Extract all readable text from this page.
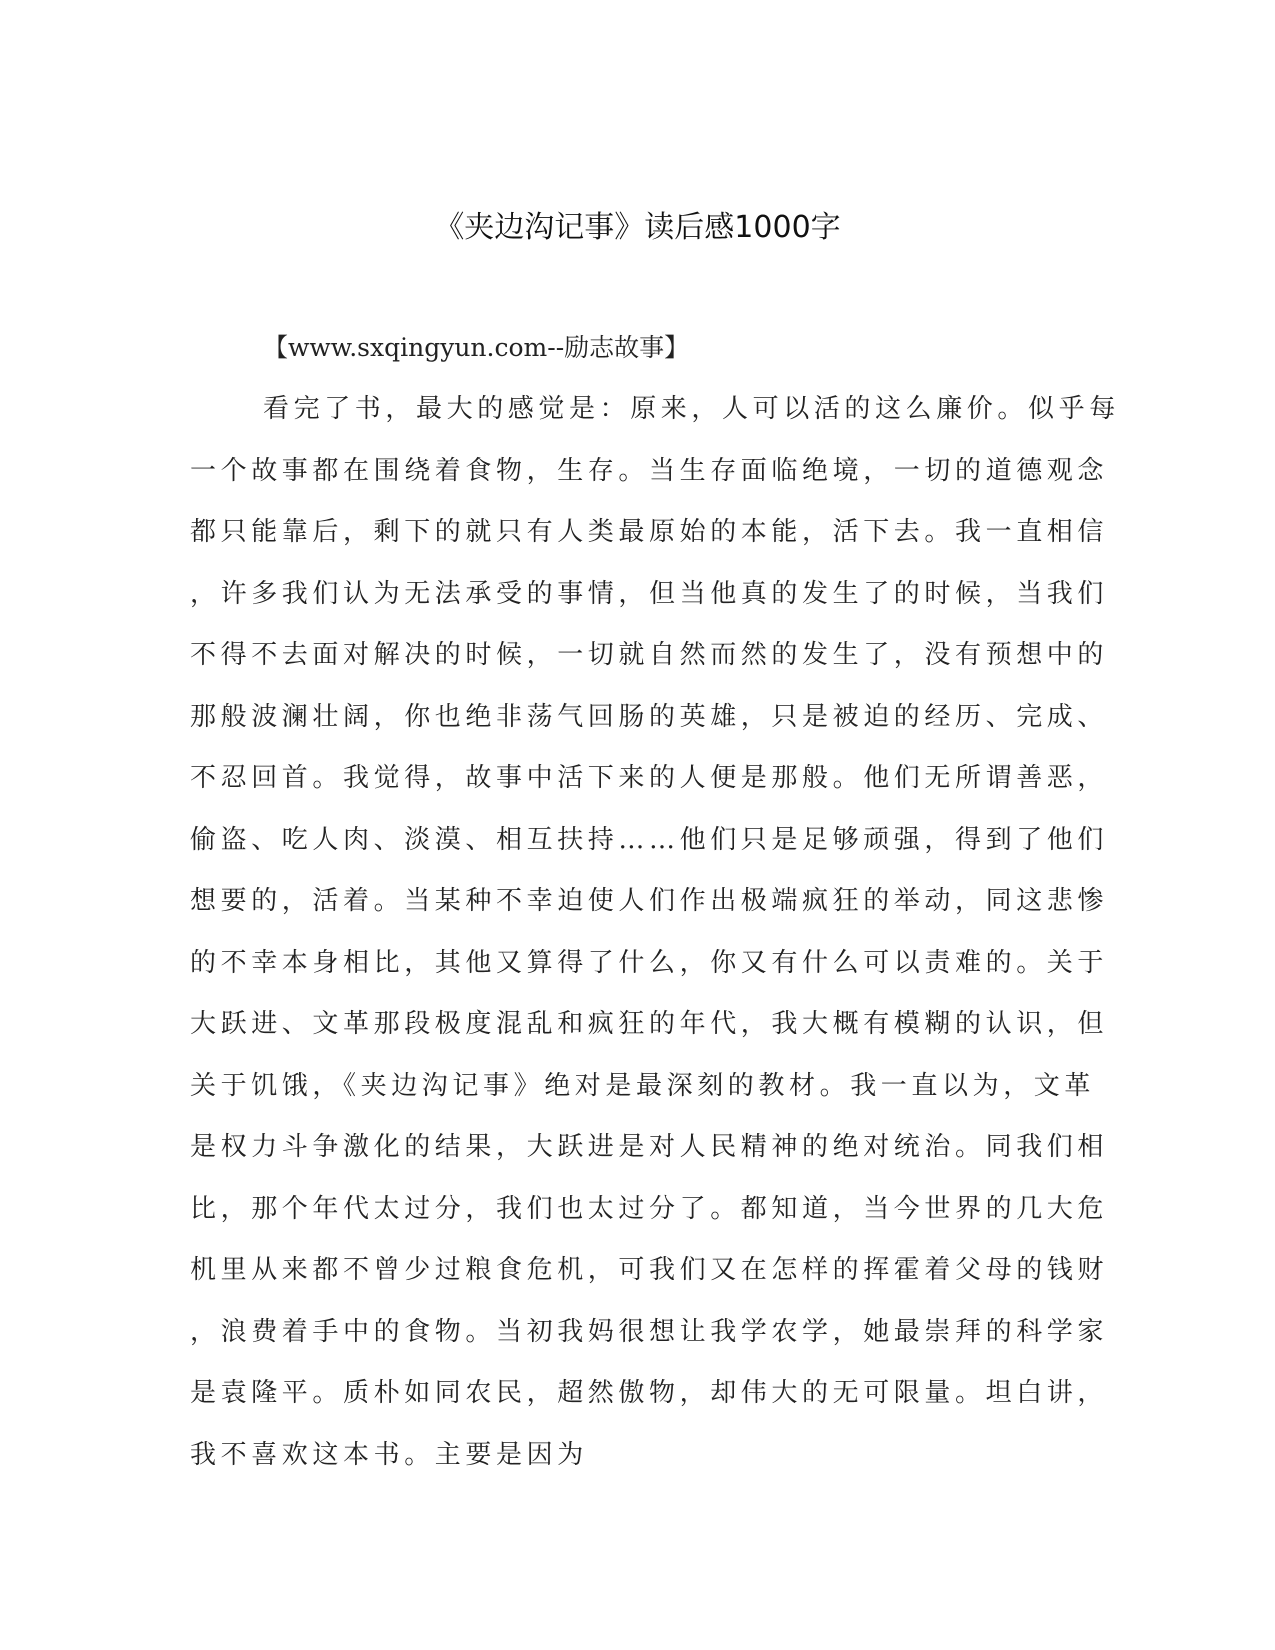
《夹边沟记事》读后感1000字
【www.sxqingyun.com--励志故事】
看完了书，最大的感觉是：原来，人可以活的这么廉价。似乎每
一个故事都在围绕着食物，生存。当生存面临绝境，一切的道德观念
都只能靠后，剩下的就只有人类最原始的本能，活下去。我一直相信
，许多我们认为无法承受的事情，但当他真的发生了的时候，当我们
不得不去面对解决的时候，一切就自然而然的发生了，没有预想中的
那般波澜壮阔，你也绝非荡气回肠的英雄，只是被迫的经历、完成、
不忍回首。我觉得，故事中活下来的人便是那般。他们无所谓善恶，
偷盗、吃人肉、淡漠、相互扶持……他们只是足够顽强，得到了他们
想要的，活着。当某种不幸迫使人们作出极端疯狂的举动，同这悲惨
的不幸本身相比，其他又算得了什么，你又有什么可以责难的。关于
大跃进、文革那段极度混乱和疯狂的年代，我大概有模糊的认识，但
关于饥饿，《夹边沟记事》绝对是最深刻的教材。我一直以为，文革
是权力斗争激化的结果，大跃进是对人民精神的绝对统治。同我们相
比，那个年代太过分，我们也太过分了。都知道，当今世界的几大危
机里从来都不曾少过粮食危机，可我们又在怎样的挥霍着父母的钱财
，浪费着手中的食物。当初我妈很想让我学农学，她最崇拜的科学家
是袁隆平。质朴如同农民，超然傲物，却伟大的无可限量。坦白讲，
我不喜欢这本书。主要是因为
